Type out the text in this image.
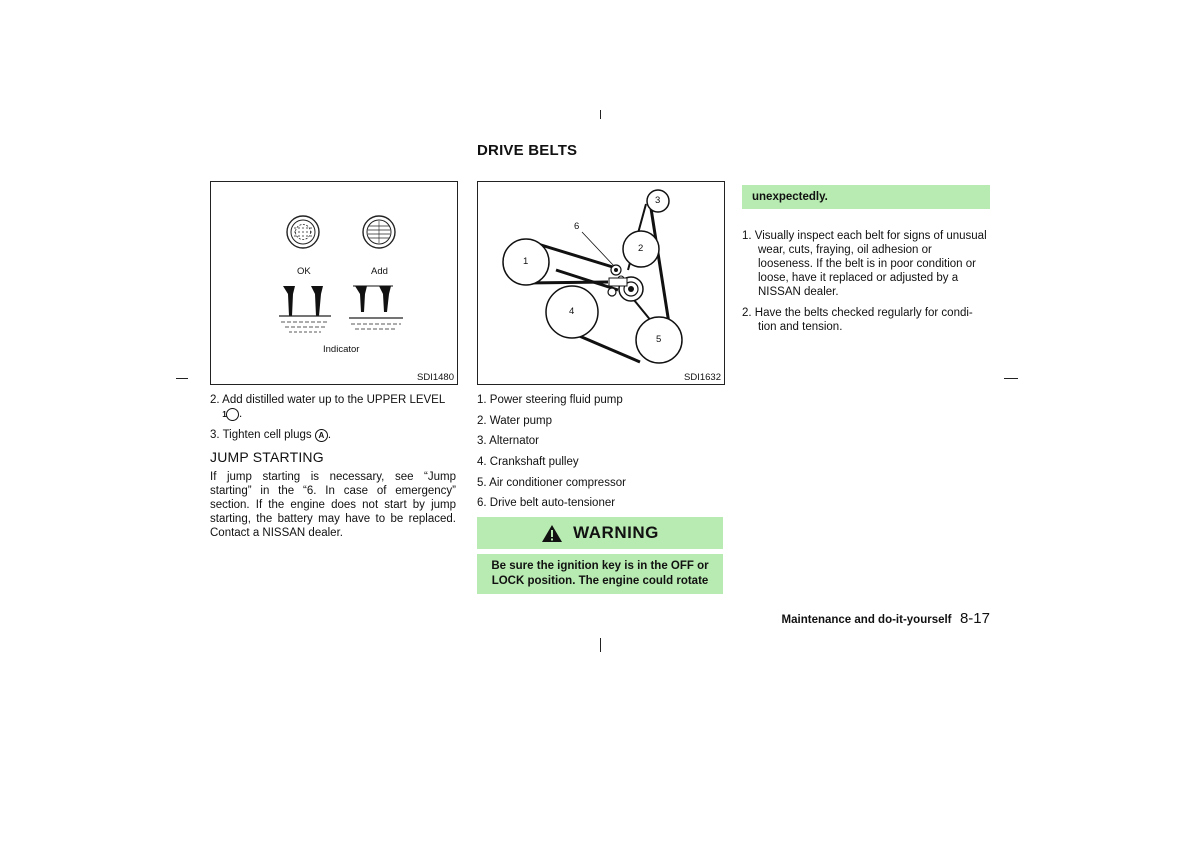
DRIVE BELTS
OK	Add
Indicator
SDI1480
1
2
3
4
5
6
SDI1632
2. Add distilled water up to the UPPER LEVEL
1 .
3. Tighten cell plugs A .
JUMP STARTING
If jump starting is necessary, see “Jump starting” in the “6. In case of emergency” section. If the engine does not start by jump starting, the battery may have to be replaced. Contact a NISSAN dealer.
1. Power steering fluid pump
2. Water pump
3. Alternator
4. Crankshaft pulley
5. Air conditioner compressor
6. Drive belt auto-tensioner
WARNING
Be sure the ignition key is in the OFF or LOCK position. The engine could rotate
unexpectedly.
1. Visually inspect each belt for signs of unusual wear, cuts, fraying, oil adhesion or looseness. If the belt is in poor condition or loose, have it replaced or adjusted by a NISSAN dealer.
2. Have the belts checked regularly for condi-tion and tension.
Maintenance and do-it-yourself 8-17
